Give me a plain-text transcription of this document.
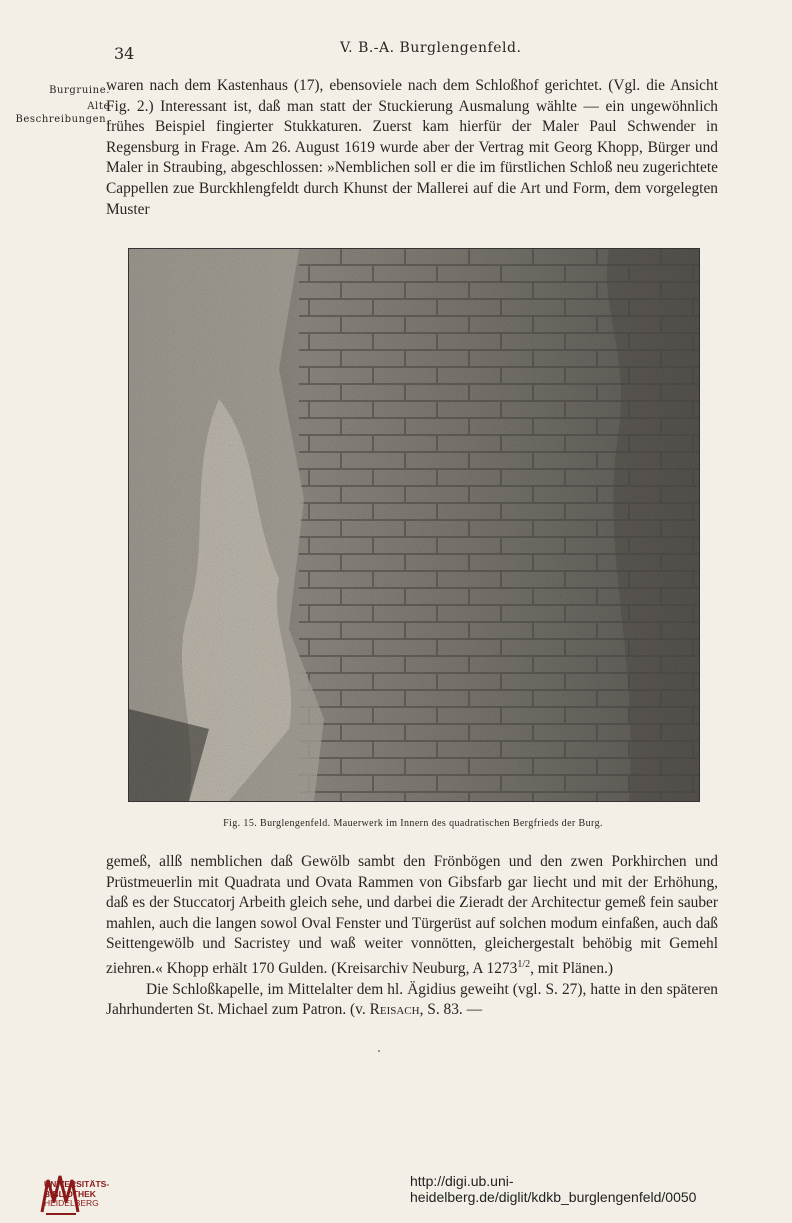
34	V. B.-A. Burglengenfeld.
Burgruine.
Alte Beschreibungen.

waren nach dem Kastenhaus (17), ebensoviele nach dem Schloßhof gerichtet. (Vgl. die Ansicht Fig. 2.) Interessant ist, daß man statt der Stuckierung Ausmalung wählte — ein ungewöhnlich frühes Beispiel fingierter Stukkaturen. Zuerst kam hierfür der Maler Paul Schwender in Regensburg in Frage. Am 26. August 1619 wurde aber der Vertrag mit Georg Khopp, Bürger und Maler in Straubing, abgeschlossen: »Nemblichen soll er die im fürstlichen Schloß neu zugerichtete Cappellen zue Burckhlengfeldt durch Khunst der Mallerei auf die Art und Form, dem vorgelegten Muster

Fig. 15. Burglengenfeld. Mauerwerk im Innern des quadratischen Bergfrieds der Burg.

gemeß, allß nemblichen daß Gewölb sambt den Frönbögen und den zwen Porkhirchen und Prüstmeuerlin mit Quadrata und Ovata Rammen von Gibsfarb gar liecht und mit der Erhöhung, daß es der Stuccatorj Arbeith gleich sehe, und darbei die Zieradt der Architectur gemeß fein sauber mahlen, auch die langen sowol Oval Fenster und Türgerüst auf solchen modum einfaßen, auch daß Seittengewölb und Sacristey und waß weiter vonnötten, gleichergestalt behöbig mit Gemehl ziehren.« Khopp erhält 170 Gulden. (Kreisarchiv Neuburg, A 1273$^{1/2}$, mit Plänen.)

Die Schloßkapelle, im Mittelalter dem hl. Ägidius geweiht (vgl. S. 27), hatte in den späteren Jahrhunderten St. Michael zum Patron. (v. Reisach, S. 83. —

UNIVERSITÄTS-
BIBLIOTHEK
HEIDELBERG
http://digi.ub.uni-heidelberg.de/diglit/kdkb_burglengenfeld/0050
